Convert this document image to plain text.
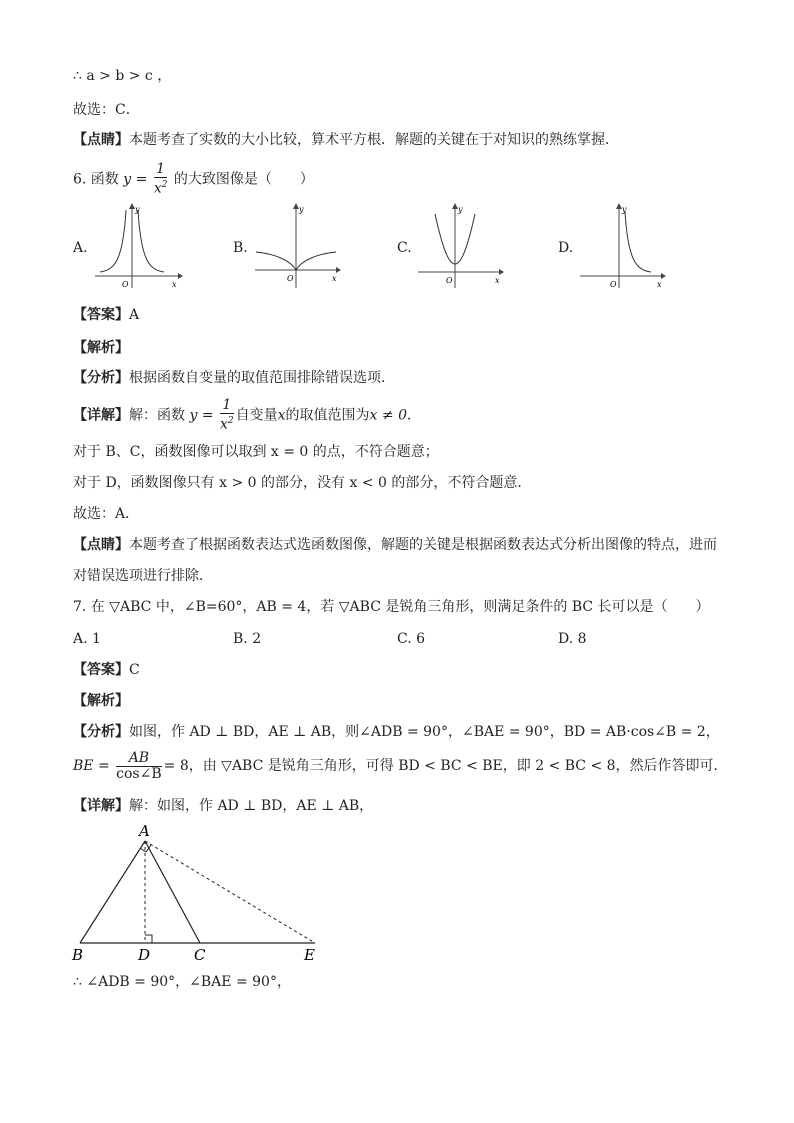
∴ a > b > c ，
故选：C．
【点睛】本题考查了实数的大小比较，算术平方根．解题的关键在于对知识的熟练掌握．
6. 函数 $y = \frac{1}{x^2}$ 的大致图像是（　　）
A.
y
x
O
B.
y
x
O
C.
y
x
O
D.
y
x
O
【答案】A
【解析】
【分析】根据函数自变量的取值范围排除错误选项．
【详解】解：函数 $y = \frac{1}{x^2}$ 自变量x的取值范围为x ≠ 0．
对于 B、C，函数图像可以取到 x = 0 的点，不符合题意；
对于 D，函数图像只有 x > 0 的部分，没有 x < 0 的部分，不符合题意．
故选：A．
【点睛】本题考查了根据函数表达式选函数图像，解题的关键是根据函数表达式分析出图像的特点，进而
对错误选项进行排除．
7. 在 ▽ABC 中，∠B=60°，AB = 4，若 ▽ABC 是锐角三角形，则满足条件的 BC 长可以是（　　）
A. 1	B. 2	C. 6	D. 8
【答案】C
【解析】
【分析】如图，作 AD ⊥ BD，AE ⊥ AB，则∠ADB = 90°，∠BAE = 90°，BD = AB·cos∠B = 2，
BE = $\frac{AB}{\cos\angle B} = 8$，由 ▽ABC 是锐角三角形，可得 BD < BC < BE，即 2 < BC < 8，然后作答即可．
【详解】解：如图，作 AD ⊥ BD，AE ⊥ AB，
A
B	D	C	E
∴ ∠ADB = 90°，∠BAE = 90°，
